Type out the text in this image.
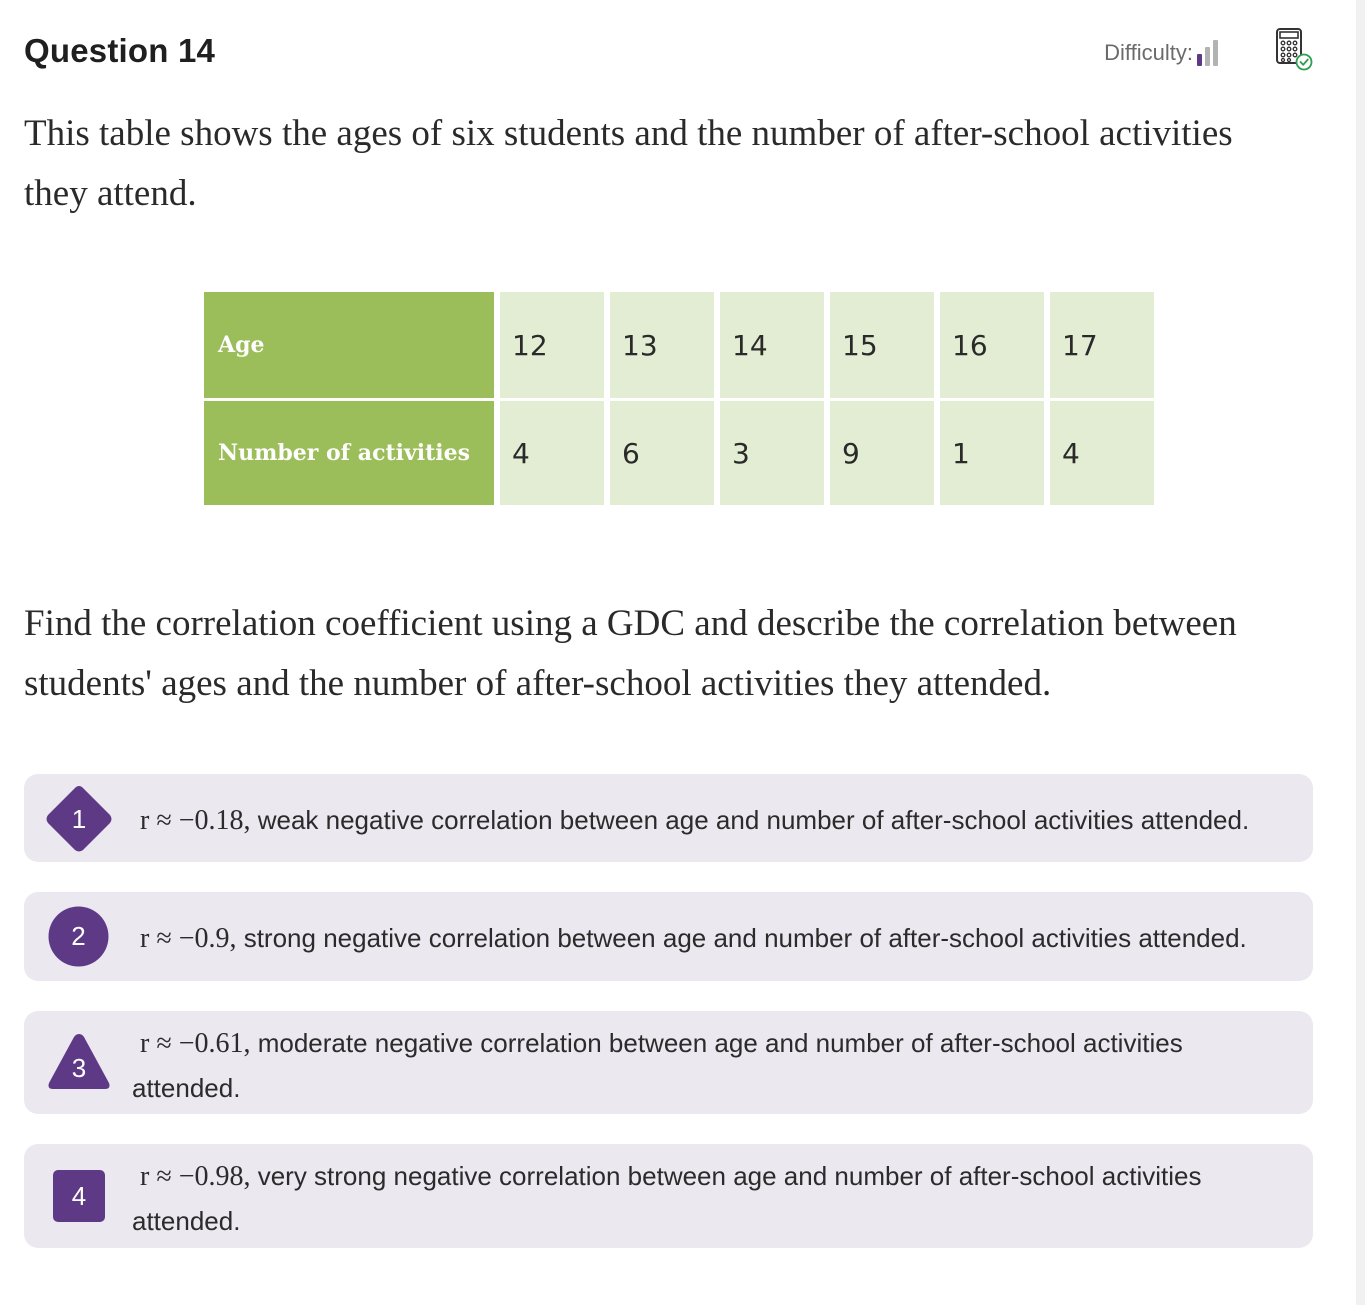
Question 14	Difficulty:

This table shows the ages of six students and the number of after-school activities they attend.

Age	12	13	14	15	16	17
Number of activities	4	6	3	9	1	4

Find the correlation coefficient using a GDC and describe the correlation between students' ages and the number of after-school activities they attended.

1	r ≈ −0.18, weak negative correlation between age and number of after-school activities attended.
2	r ≈ −0.9, strong negative correlation between age and number of after-school activities attended.
3
r ≈ −0.61, moderate negative correlation between age and number of after-school activities
attended.
4
r ≈ −0.98, very strong negative correlation between age and number of after-school activities
attended.
